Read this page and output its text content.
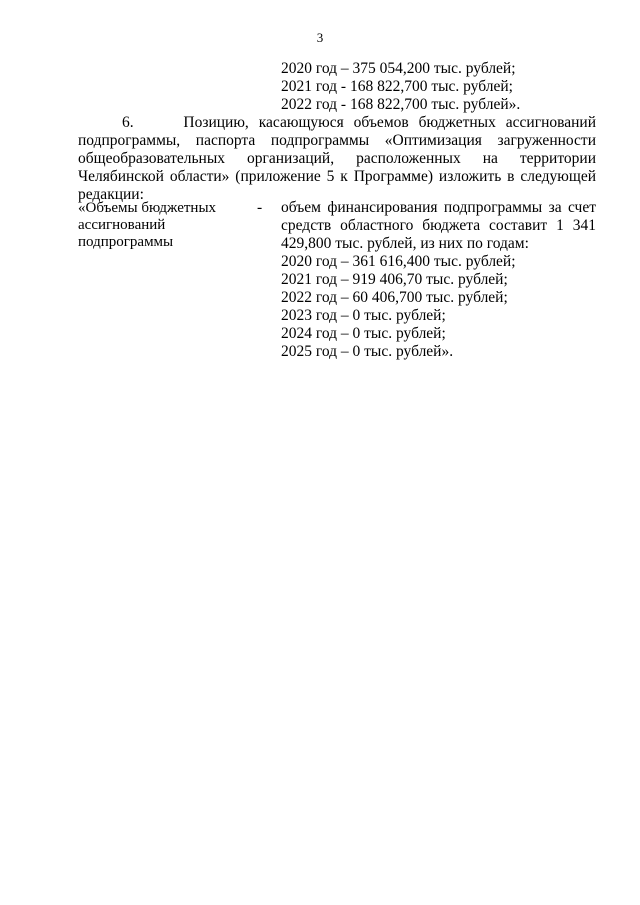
3
2020 год – 375 054,200 тыс. рублей;
2021 год - 168 822,700 тыс. рублей;
2022 год - 168 822,700 тыс. рублей».
6.     Позицию, касающуюся объемов бюджетных ассигнований подпрограммы, паспорта подпрограммы «Оптимизация загруженности общеобразовательных организаций, расположенных на территории Челябинской области» (приложение 5 к Программе) изложить в следующей редакции:
«Объемы бюджетных
ассигнований
подпрограммы
- объем финансирования подпрограммы за счет средств областного бюджета составит 1 341 429,800 тыс. рублей, из них по годам:
2020 год – 361 616,400 тыс. рублей;
2021 год – 919 406,70 тыс. рублей;
2022 год – 60 406,700 тыс. рублей;
2023 год – 0 тыс. рублей;
2024 год – 0 тыс. рублей;
2025 год – 0 тыс. рублей».
